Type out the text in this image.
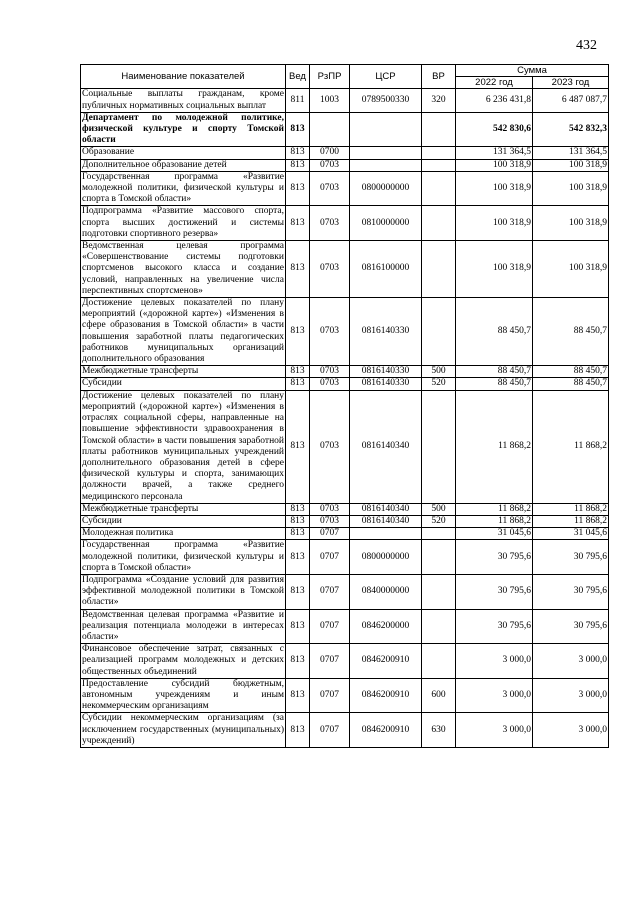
432
Наименование показателей	Вед	РзПР	ЦСР	ВР	Сумма	
					2022 год	2023 год
Социальные выплаты гражданам, кроме публичных нормативных социальных выплат	811	1003	0789500330	320	6 236 431,8	6 487 087,7
Департамент по молодежной политике, физической культуре и спорту Томской области	813				542 830,6	542 832,3
Образование	813	0700			131 364,5	131 364,5
Дополнительное образование детей	813	0703			100 318,9	100 318,9
Государственная программа «Развитие молодежной политики, физической культуры и спорта в Томской области»	813	0703	0800000000		100 318,9	100 318,9
Подпрограмма «Развитие массового спорта, спорта высших достижений и системы подготовки спортивного резерва»	813	0703	0810000000		100 318,9	100 318,9
Ведомственная целевая программа «Совершенствование системы подготовки спортсменов высокого класса и создание условий, направленных на увеличение числа перспективных спортсменов»	813	0703	0816100000		100 318,9	100 318,9
Достижение целевых показателей по плану мероприятий («дорожной карте») «Изменения в сфере образования в Томской области» в части повышения заработной платы педагогических работников муниципальных организаций дополнительного образования	813	0703	0816140330		88 450,7	88 450,7
Межбюджетные трансферты	813	0703	0816140330	500	88 450,7	88 450,7
Субсидии	813	0703	0816140330	520	88 450,7	88 450,7
Достижение целевых показателей по плану мероприятий («дорожной карте») «Изменения в отраслях социальной сферы, направленные на повышение эффективности здравоохранения в Томской области» в части повышения заработной платы работников муниципальных учреждений дополнительного образования детей в сфере физической культуры и спорта, занимающих должности врачей, а также среднего медицинского персонала	813	0703	0816140340		11 868,2	11 868,2
Межбюджетные трансферты	813	0703	0816140340	500	11 868,2	11 868,2
Субсидии	813	0703	0816140340	520	11 868,2	11 868,2
Молодежная политика	813	0707			31 045,6	31 045,6
Государственная программа «Развитие молодежной политики, физической культуры и спорта в Томской области»	813	0707	0800000000		30 795,6	30 795,6
Подпрограмма «Создание условий для развития эффективной молодежной политики в Томской области»	813	0707	0840000000		30 795,6	30 795,6
Ведомственная целевая программа «Развитие и реализация потенциала молодежи в интересах области»	813	0707	0846200000		30 795,6	30 795,6
Финансовое обеспечение затрат, связанных с реализацией программ молодежных и детских общественных объединений	813	0707	0846200910		3 000,0	3 000,0
Предоставление субсидий бюджетным, автономным учреждениям и иным некоммерческим организациям	813	0707	0846200910	600	3 000,0	3 000,0
Субсидии некоммерческим организациям (за исключением государственных (муниципальных) учреждений)	813	0707	0846200910	630	3 000,0	3 000,0
